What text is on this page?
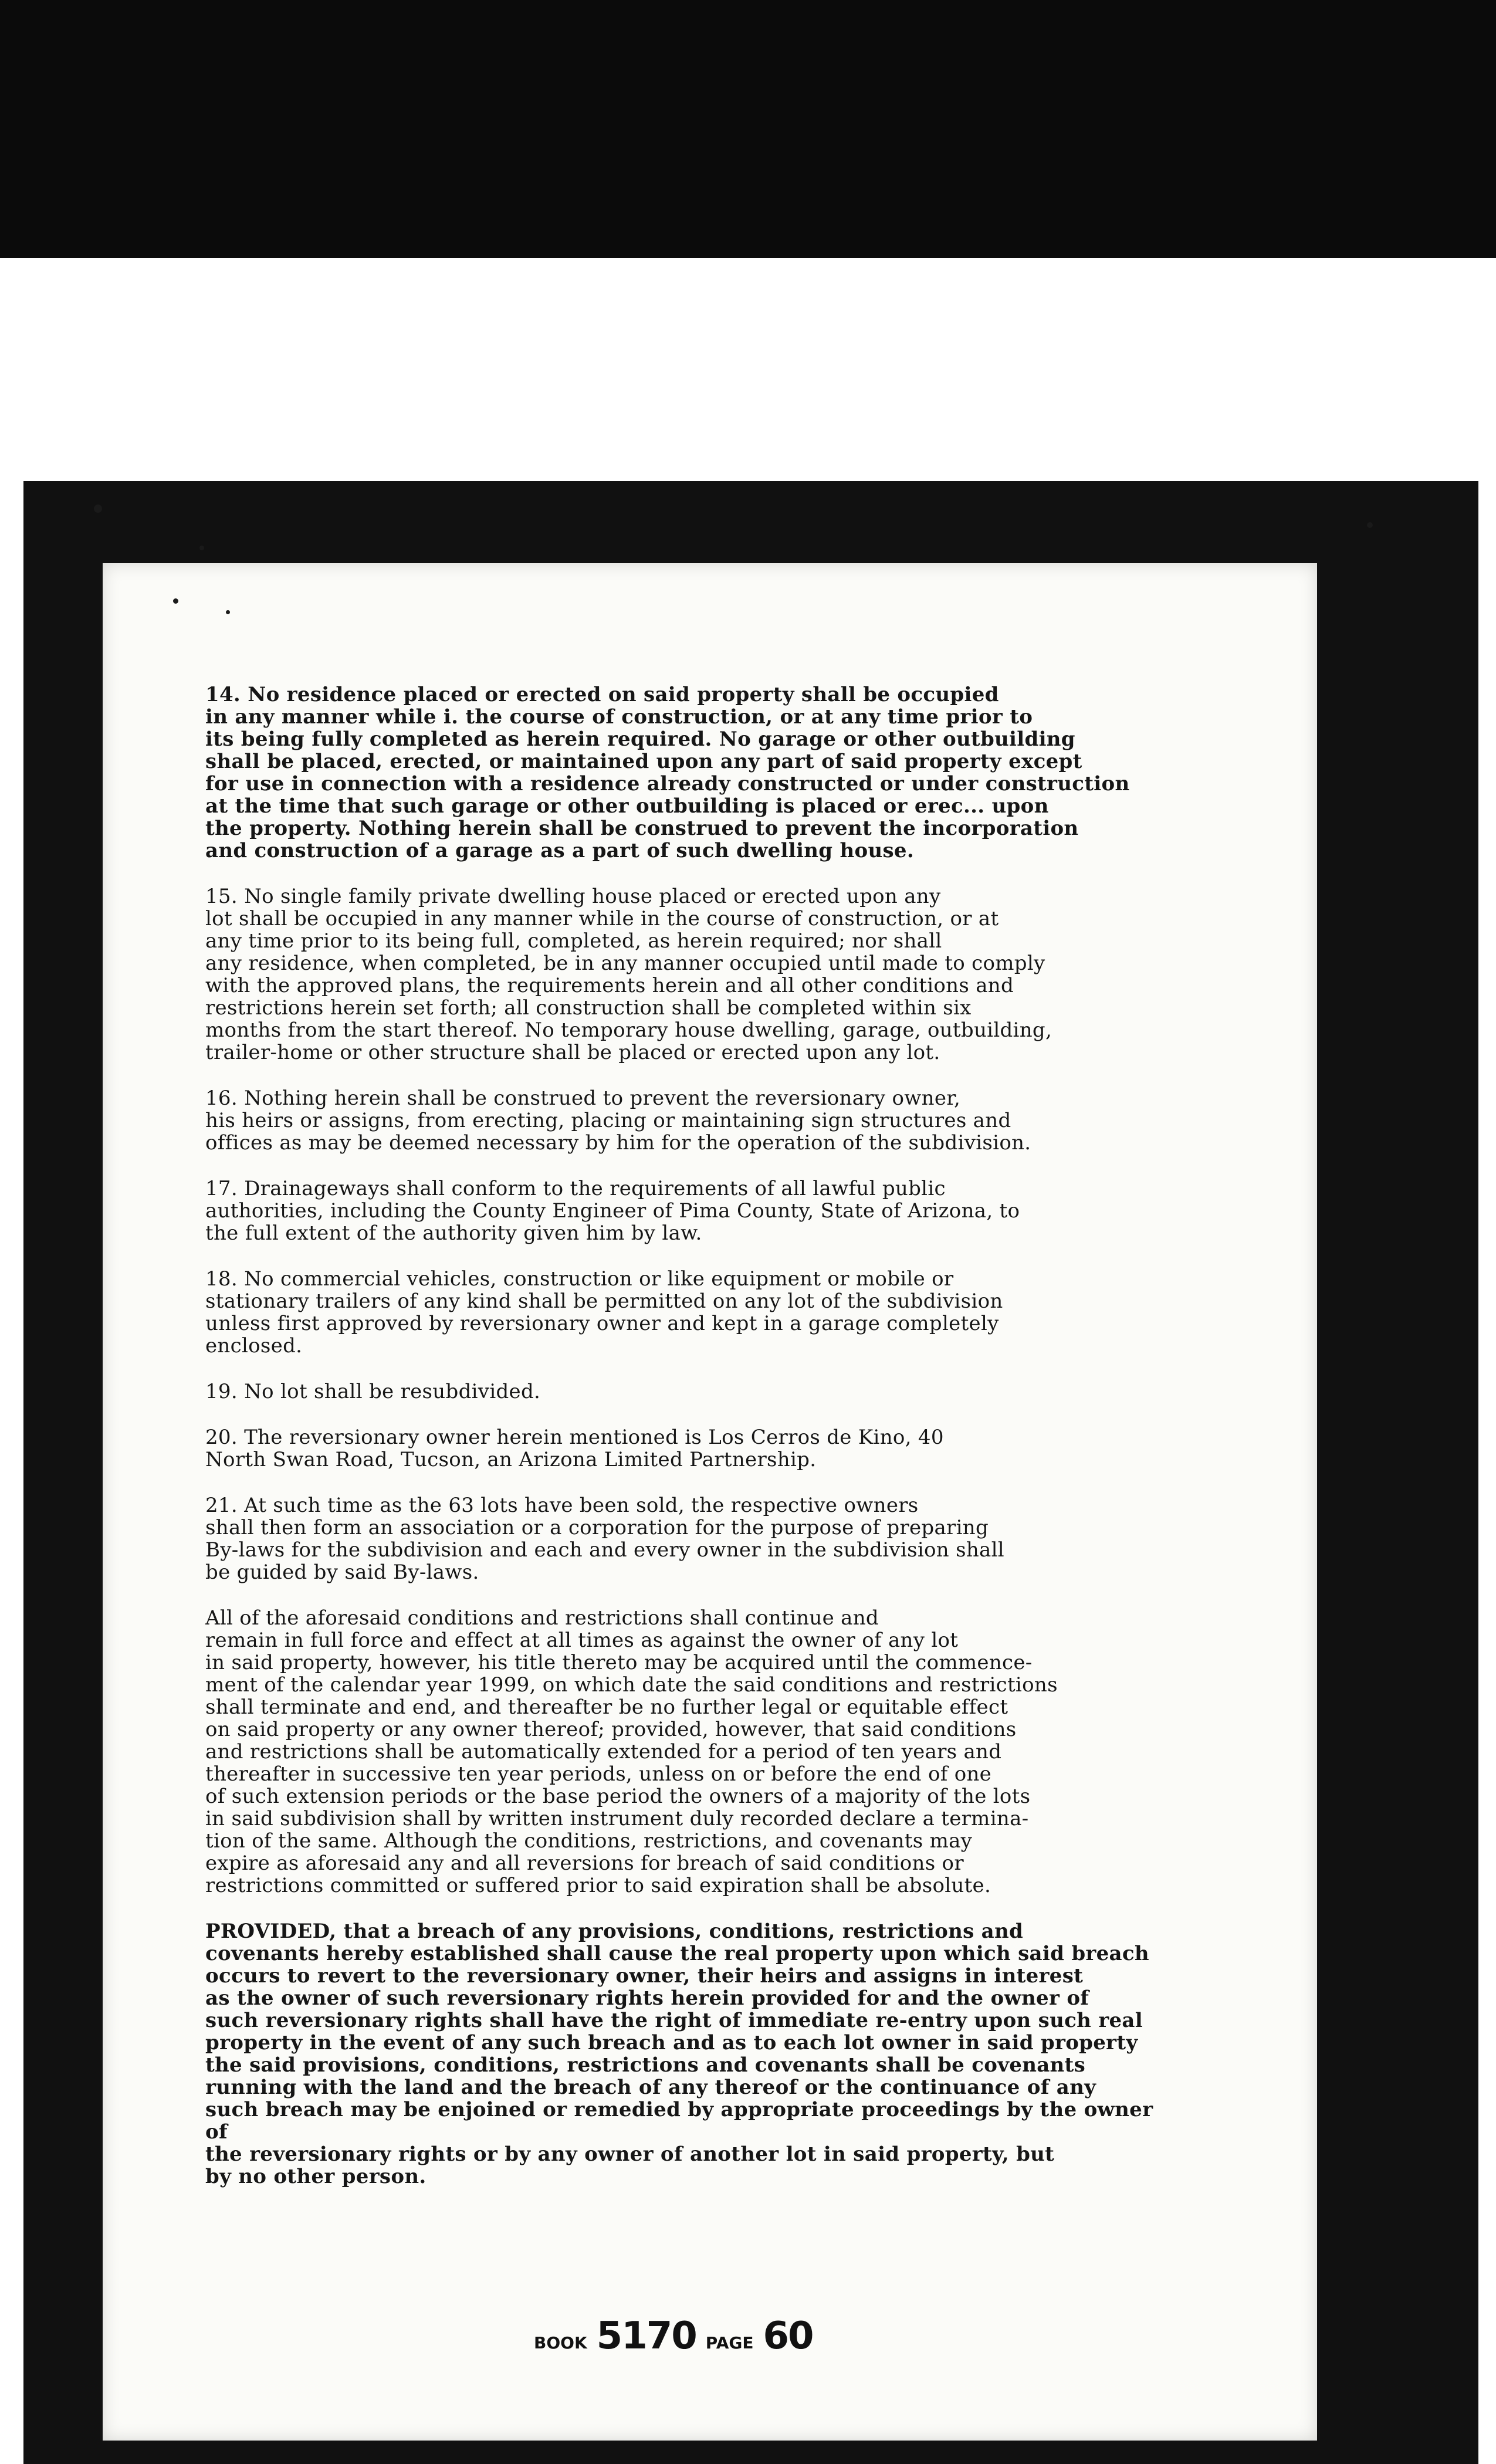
14. No residence placed or erected on said property shall be occupied
in any manner while i. the course of construction, or at any time prior to
its being fully completed as herein required. No garage or other outbuilding
shall be placed, erected, or maintained upon any part of said property except
for use in connection with a residence already constructed or under construction
at the time that such garage or other outbuilding is placed or erec... upon
the property. Nothing herein shall be construed to prevent the incorporation
and construction of a garage as a part of such dwelling house.

15. No single family private dwelling house placed or erected upon any
lot shall be occupied in any manner while in the course of construction, or at
any time prior to its being full, completed, as herein required; nor shall
any residence, when completed, be in any manner occupied until made to comply
with the approved plans, the requirements herein and all other conditions and
restrictions herein set forth; all construction shall be completed within six
months from the start thereof. No temporary house dwelling, garage, outbuilding,
trailer-home or other structure shall be placed or erected upon any lot.

16. Nothing herein shall be construed to prevent the reversionary owner,
his heirs or assigns, from erecting, placing or maintaining sign structures and
offices as may be deemed necessary by him for the operation of the subdivision.

17. Drainageways shall conform to the requirements of all lawful public
authorities, including the County Engineer of Pima County, State of Arizona, to
the full extent of the authority given him by law.

18. No commercial vehicles, construction or like equipment or mobile or
stationary trailers of any kind shall be permitted on any lot of the subdivision
unless first approved by reversionary owner and kept in a garage completely
enclosed.

19. No lot shall be resubdivided.

20. The reversionary owner herein mentioned is Los Cerros de Kino, 40
North Swan Road, Tucson, an Arizona Limited Partnership.

21. At such time as the 63 lots have been sold, the respective owners
shall then form an association or a corporation for the purpose of preparing
By-laws for the subdivision and each and every owner in the subdivision shall
be guided by said By-laws.

All of the aforesaid conditions and restrictions shall continue and
remain in full force and effect at all times as against the owner of any lot
in said property, however, his title thereto may be acquired until the commence-
ment of the calendar year 1999, on which date the said conditions and restrictions
shall terminate and end, and thereafter be no further legal or equitable effect
on said property or any owner thereof; provided, however, that said conditions
and restrictions shall be automatically extended for a period of ten years and
thereafter in successive ten year periods, unless on or before the end of one
of such extension periods or the base period the owners of a majority of the lots
in said subdivision shall by written instrument duly recorded declare a termina-
tion of the same. Although the conditions, restrictions, and covenants may
expire as aforesaid any and all reversions for breach of said conditions or
restrictions committed or suffered prior to said expiration shall be absolute.

PROVIDED, that a breach of any provisions, conditions, restrictions and
covenants hereby established shall cause the real property upon which said breach
occurs to revert to the reversionary owner, their heirs and assigns in interest
as the owner of such reversionary rights herein provided for and the owner of
such reversionary rights shall have the right of immediate re-entry upon such real
property in the event of any such breach and as to each lot owner in said property
the said provisions, conditions, restrictions and covenants shall be covenants
running with the land and the breach of any thereof or the continuance of any
such breach may be enjoined or remedied by appropriate proceedings by the owner of
the reversionary rights or by any owner of another lot in said property, but
by no other person.

BOOK 5170 PAGE 60
